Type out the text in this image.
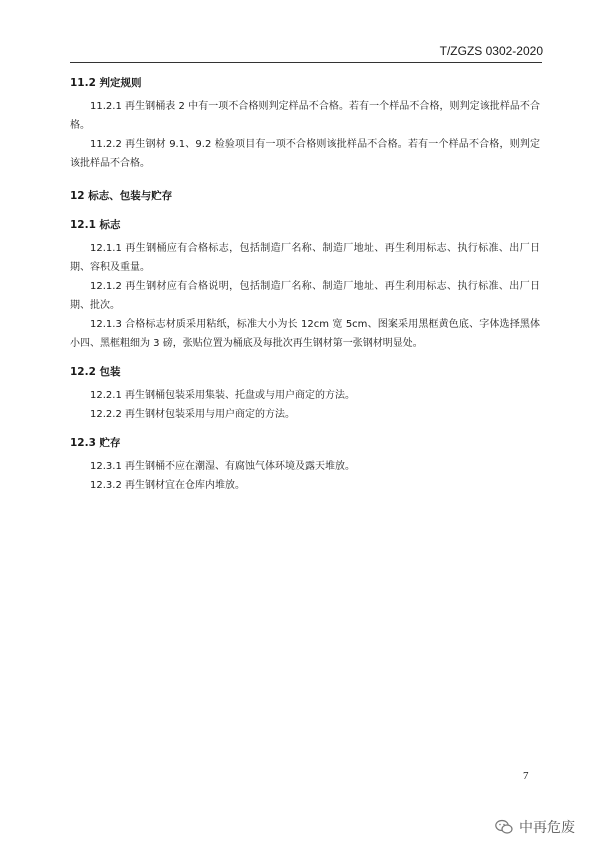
T/ZGZS 0302-2020
11.2 判定规则

11.2.1 再生钢桶表 2 中有一项不合格则判定样品不合格。若有一个样品不合格，则判定该批样品不合格。

11.2.2 再生钢材 9.1、9.2 检验项目有一项不合格则该批样品不合格。若有一个样品不合格，则判定该批样品不合格。

12 标志、包装与贮存
12.1 标志

12.1.1 再生钢桶应有合格标志，包括制造厂名称、制造厂地址、再生利用标志、执行标准、出厂日期、容积及重量。

12.1.2 再生钢材应有合格说明，包括制造厂名称、制造厂地址、再生利用标志、执行标准、出厂日期、批次。

12.1.3 合格标志材质采用粘纸，标准大小为长 12cm 宽 5cm、图案采用黑框黄色底、字体选择黑体小四、黑框粗细为 3 磅，张贴位置为桶底及每批次再生钢材第一张钢材明显处。

12.2 包装

12.2.1 再生钢桶包装采用集装、托盘或与用户商定的方法。

12.2.2 再生钢材包装采用与用户商定的方法。

12.3 贮存

12.3.1 再生钢桶不应在潮湿、有腐蚀气体环境及露天堆放。

12.3.2 再生钢材宜在仓库内堆放。

7
中再危废
